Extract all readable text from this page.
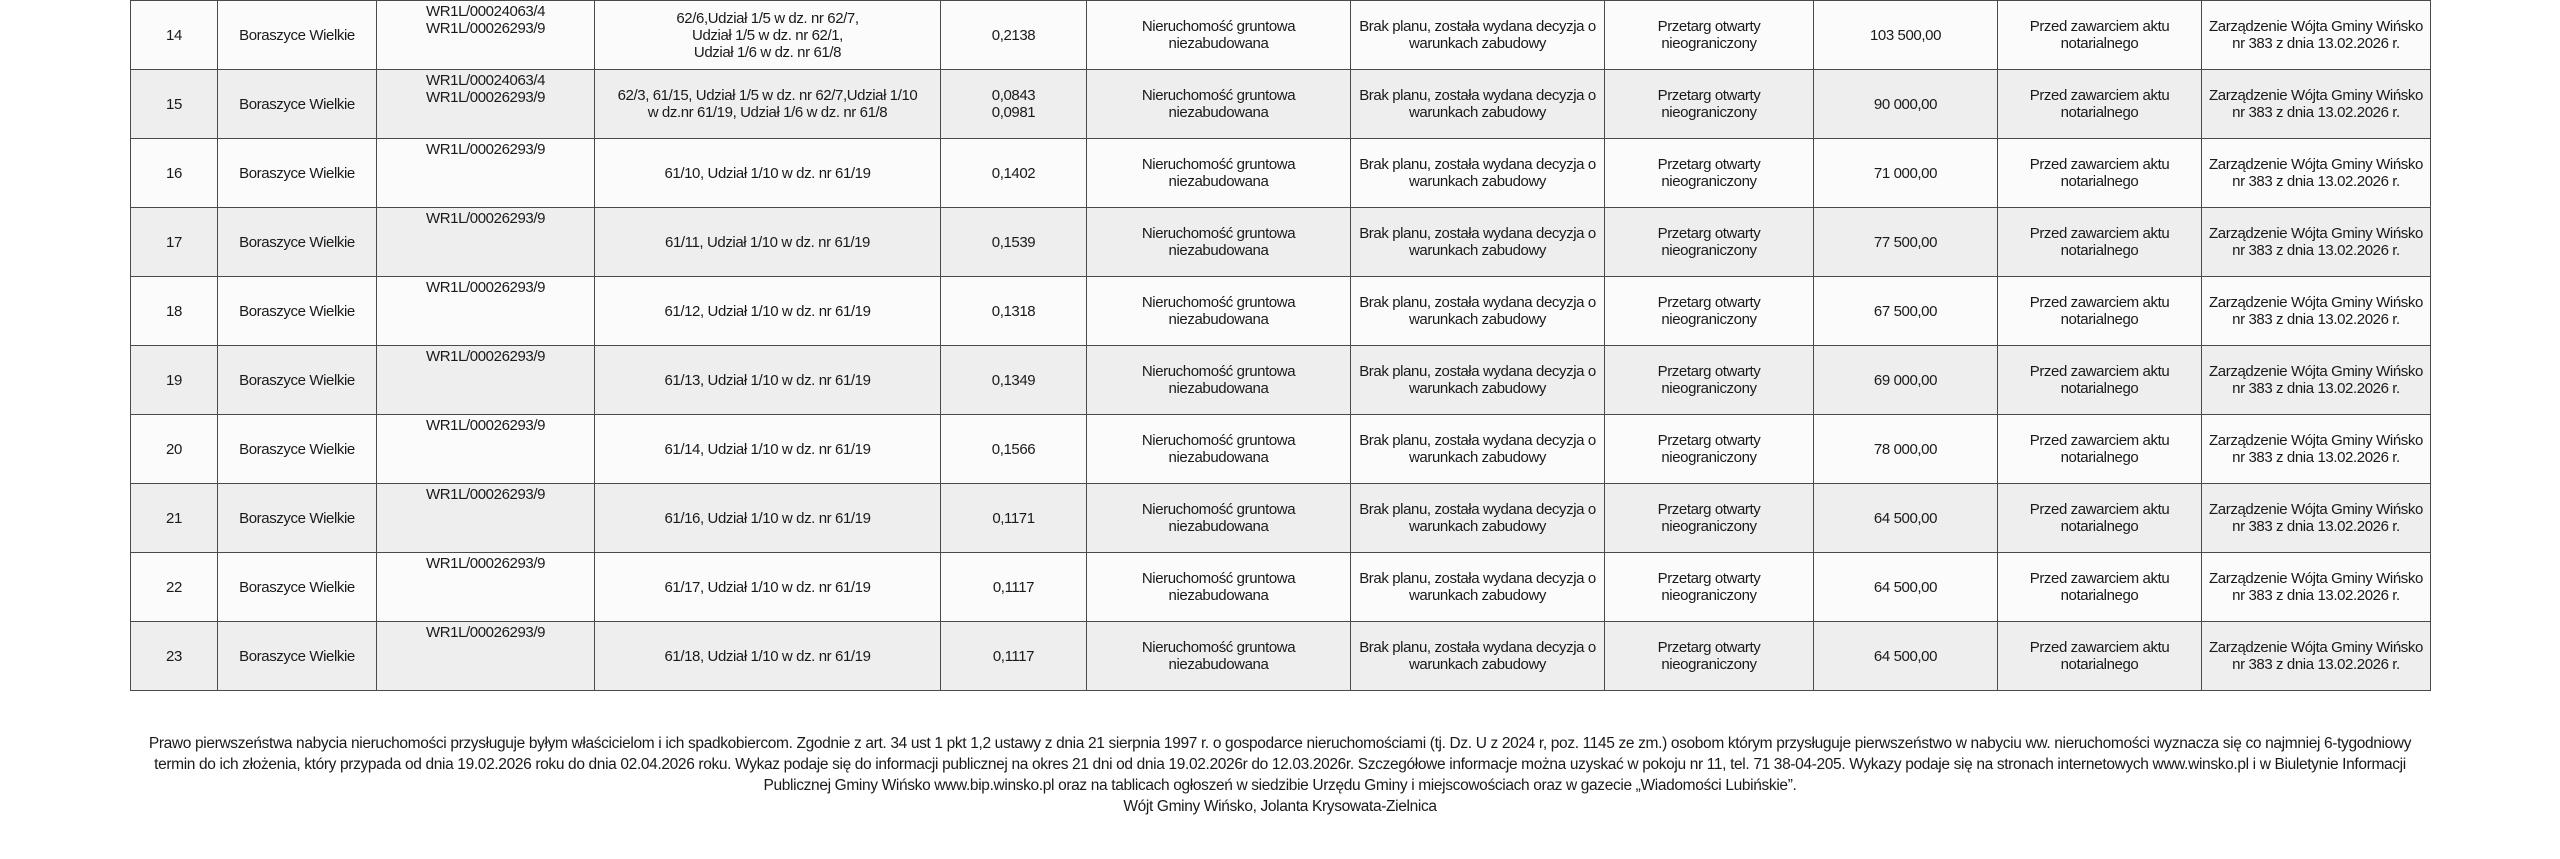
14	Boraszyce Wielkie	WR1L/00024063/4
WR1L/00026293/9	62/6,Udział 1/5 w dz. nr 62/7,
Udział 1/5 w dz. nr 62/1,
Udział 1/6 w dz. nr 61/8	0,2138	Nieruchomość gruntowa niezabudowana	Brak planu, została wydana decyzja o warunkach zabudowy	Przetarg otwarty nieograniczony	103 500,00	Przed zawarciem aktu notarialnego	Zarządzenie Wójta Gminy Wińsko nr 383 z dnia 13.02.2026 r.
15	Boraszyce Wielkie	WR1L/00024063/4
WR1L/00026293/9	62/3, 61/15, Udział 1/5 w dz. nr 62/7,Udział 1/10
w dz.nr 61/19, Udział 1/6 w dz. nr 61/8	0,0843
0,0981	Nieruchomość gruntowa niezabudowana	Brak planu, została wydana decyzja o warunkach zabudowy	Przetarg otwarty nieograniczony	90 000,00	Przed zawarciem aktu notarialnego	Zarządzenie Wójta Gminy Wińsko nr 383 z dnia 13.02.2026 r.
16	Boraszyce Wielkie	WR1L/00026293/9	61/10, Udział 1/10 w dz. nr 61/19	0,1402	Nieruchomość gruntowa niezabudowana	Brak planu, została wydana decyzja o warunkach zabudowy	Przetarg otwarty nieograniczony	71 000,00	Przed zawarciem aktu notarialnego	Zarządzenie Wójta Gminy Wińsko nr 383 z dnia 13.02.2026 r.
17	Boraszyce Wielkie	WR1L/00026293/9	61/11, Udział 1/10 w dz. nr 61/19	0,1539	Nieruchomość gruntowa niezabudowana	Brak planu, została wydana decyzja o warunkach zabudowy	Przetarg otwarty nieograniczony	77 500,00	Przed zawarciem aktu notarialnego	Zarządzenie Wójta Gminy Wińsko nr 383 z dnia 13.02.2026 r.
18	Boraszyce Wielkie	WR1L/00026293/9	61/12, Udział 1/10 w dz. nr 61/19	0,1318	Nieruchomość gruntowa niezabudowana	Brak planu, została wydana decyzja o warunkach zabudowy	Przetarg otwarty nieograniczony	67 500,00	Przed zawarciem aktu notarialnego	Zarządzenie Wójta Gminy Wińsko nr 383 z dnia 13.02.2026 r.
19	Boraszyce Wielkie	WR1L/00026293/9	61/13, Udział 1/10 w dz. nr 61/19	0,1349	Nieruchomość gruntowa niezabudowana	Brak planu, została wydana decyzja o warunkach zabudowy	Przetarg otwarty nieograniczony	69 000,00	Przed zawarciem aktu notarialnego	Zarządzenie Wójta Gminy Wińsko nr 383 z dnia 13.02.2026 r.
20	Boraszyce Wielkie	WR1L/00026293/9	61/14, Udział 1/10 w dz. nr 61/19	0,1566	Nieruchomość gruntowa niezabudowana	Brak planu, została wydana decyzja o warunkach zabudowy	Przetarg otwarty nieograniczony	78 000,00	Przed zawarciem aktu notarialnego	Zarządzenie Wójta Gminy Wińsko nr 383 z dnia 13.02.2026 r.
21	Boraszyce Wielkie	WR1L/00026293/9	61/16, Udział 1/10 w dz. nr 61/19	0,1171	Nieruchomość gruntowa niezabudowana	Brak planu, została wydana decyzja o warunkach zabudowy	Przetarg otwarty nieograniczony	64 500,00	Przed zawarciem aktu notarialnego	Zarządzenie Wójta Gminy Wińsko nr 383 z dnia 13.02.2026 r.
22	Boraszyce Wielkie	WR1L/00026293/9	61/17, Udział 1/10 w dz. nr 61/19	0,1117	Nieruchomość gruntowa niezabudowana	Brak planu, została wydana decyzja o warunkach zabudowy	Przetarg otwarty nieograniczony	64 500,00	Przed zawarciem aktu notarialnego	Zarządzenie Wójta Gminy Wińsko nr 383 z dnia 13.02.2026 r.
23	Boraszyce Wielkie	WR1L/00026293/9	61/18, Udział 1/10 w dz. nr 61/19	0,1117	Nieruchomość gruntowa niezabudowana	Brak planu, została wydana decyzja o warunkach zabudowy	Przetarg otwarty nieograniczony	64 500,00	Przed zawarciem aktu notarialnego	Zarządzenie Wójta Gminy Wińsko nr 383 z dnia 13.02.2026 r.
Prawo pierwszeństwa nabycia nieruchomości przysługuje byłym właścicielom i ich spadkobiercom. Zgodnie z art. 34 ust 1 pkt 1,2 ustawy z dnia 21 sierpnia 1997 r. o gospodarce nieruchomościami (tj. Dz. U z 2024 r, poz. 1145 ze zm.) osobom którym przysługuje pierwszeństwo w nabyciu ww. nieruchomości wyznacza się co najmniej 6-tygodniowy termin do ich złożenia, który przypada od dnia 19.02.2026 roku do dnia 02.04.2026 roku. Wykaz podaje się do informacji publicznej na okres 21 dni od dnia 19.02.2026r do 12.03.2026r. Szczegółowe informacje można uzyskać w pokoju nr 11, tel. 71 38-04-205. Wykazy podaje się na stronach internetowych www.winsko.pl i w Biuletynie Informacji Publicznej Gminy Wińsko www.bip.winsko.pl oraz na tablicach ogłoszeń w siedzibie Urzędu Gminy i miejscowościach oraz w gazecie „Wiadomości Lubińskie”.
Wójt Gminy Wińsko, Jolanta Krysowata-Zielnica
